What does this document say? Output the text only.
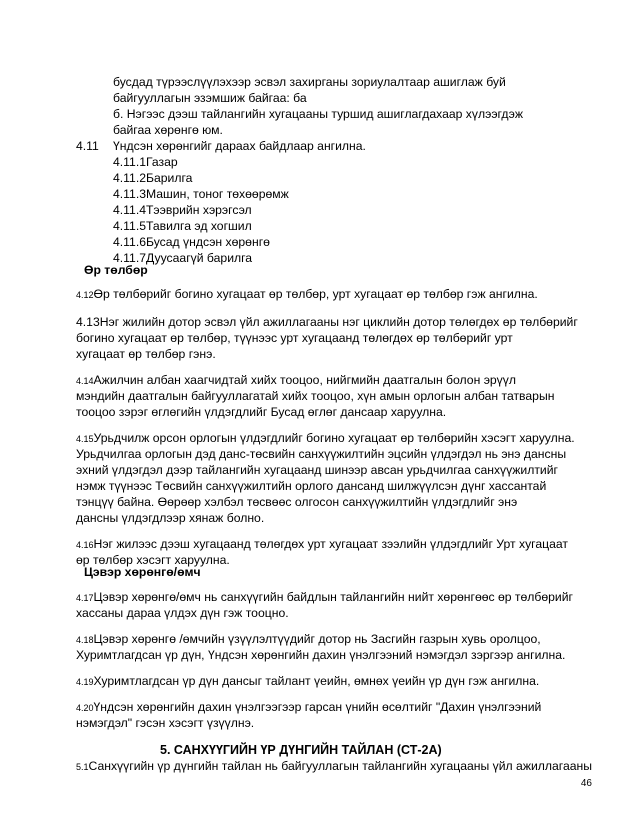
бусдад түрээслүүлэхээр эсвэл захирганы зориулалтаар ашиглаж буй
байгууллагын эзэмшиж байгаа: ба
б. Нэгээс дээш тайлангийн хугацааны туршид ашиглагдахаар хүлээгдэж
байгаа хөрөнгө юм.
4.11 Үндсэн хөрөнгийг дараах байдлаар ангилна.
4.11.1Газар
4.11.2Барилга
4.11.3Машин, тоног төхөөрөмж
4.11.4Тээврийн хэрэгсэл
4.11.5Тавилга эд хогшил
4.11.6Бусад үндсэн хөрөнгө
4.11.7Дуусаагүй барилга
Өр төлбөр
4.12Өр төлбөрийг богино хугацаат өр төлбөр, урт хугацаат өр төлбөр гэж ангилна.
4.13Нэг жилийн дотор эсвэл үйл ажиллагааны нэг циклийн дотор төлөгдөх өр төлбөрийг
богино хугацаат өр төлбөр, түүнээс урт хугацаанд төлөгдөх өр төлбөрийг урт
хугацаат өр төлбөр гэнэ.
4.14Ажилчин албан хаагчидтай хийх тооцоо, нийгмийн даатгалын болон эрүүл
мэндийн даатгалын байгууллагатай хийх тооцоо, хүн амын орлогын албан татварын
тооцоо зэрэг өглөгийн үлдэгдлийг Бусад өглөг дансаар харуулна.
4.15Урьдчилж орсон орлогын үлдэгдлийг богино хугацаат өр төлбөрийн хэсэгт харуулна.
Урьдчилгаа орлогын дэд данс-төсвийн санхүүжилтийн эцсийн үлдэгдэл нь энэ дансны
эхний үлдэгдэл дээр тайлангийн хугацаанд шинээр авсан урьдчилгаа санхүүжилтийг
нэмж түүнээс Төсвийн санхүүжилтийн орлого дансанд шилжүүлсэн дүнг хассантай
тэнцүү байна. Өөрөөр хэлбэл төсвөөс олгосон санхүүжилтийн үлдэгдлийг энэ
дансны үлдэгдлээр хянаж болно.
4.16Нэг жилээс дээш хугацаанд төлөгдөх урт хугацаат зээлийн үлдэгдлийг Урт хугацаат
өр төлбөр хэсэгт харуулна.
Цэвэр хөрөнгө/өмч
4.17Цэвэр хөрөнгө/өмч нь санхүүгийн байдлын тайлангийн нийт хөрөнгөөс өр төлбөрийг
хассаны дараа үлдэх дүн гэж тооцно.
4.18Цэвэр хөрөнгө /өмчийн үзүүлэлтүүдийг дотор нь Засгийн газрын хувь оролцоо,
Хуримтлагдсан үр дүн, Үндсэн хөрөнгийн дахин үнэлгээний нэмэгдэл зэргээр ангилна.
4.19Хуримтлагдсан үр дүн дансыг тайлант үеийн, өмнөх үеийн үр дүн гэж ангилна.
4.20Үндсэн хөрөнгийн дахин үнэлгээгээр гарсан үнийн өсөлтийг "Дахин үнэлгээний
нэмэгдэл" гэсэн хэсэгт үзүүлнэ.
5. САНХҮҮГИЙН ҮР ДҮНГИЙН ТАЙЛАН (СТ-2А)
5.1Санхүүгийн үр дүнгийн тайлан нь байгууллагын тайлангийн хугацааны үйл ажиллагааны
46
